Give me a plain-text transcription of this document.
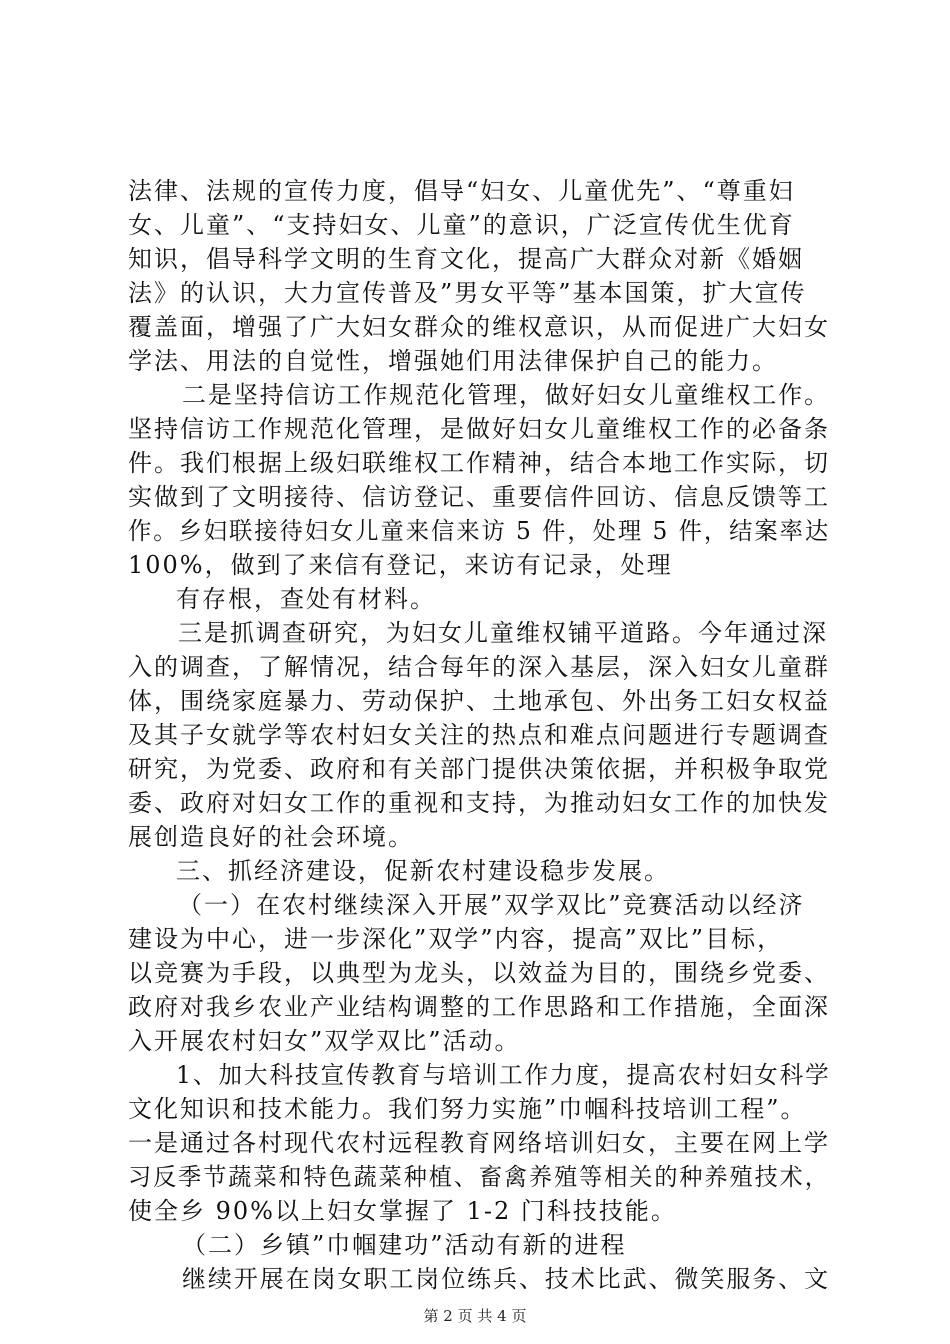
法律、法规的宣传力度，倡导“妇女、儿童优先”、“尊重妇
女、儿童”、“支持妇女、儿童”的意识，广泛宣传优生优育
知识，倡导科学文明的生育文化，提高广大群众对新《婚姻
法》的认识，大力宣传普及”男女平等”基本国策，扩大宣传
覆盖面，增强了广大妇女群众的维权意识，从而促进广大妇女
学法、用法的自觉性，增强她们用法律保护自己的能力。
二是坚持信访工作规范化管理，做好妇女儿童维权工作。
坚持信访工作规范化管理，是做好妇女儿童维权工作的必备条
件。我们根据上级妇联维权工作精神，结合本地工作实际，切
实做到了文明接待、信访登记、重要信件回访、信息反馈等工
作。乡妇联接待妇女儿童来信来访 5 件，处理 5 件，结案率达
100%，做到了来信有登记，来访有记录，处理
有存根，查处有材料。
三是抓调查研究，为妇女儿童维权铺平道路。今年通过深
入的调查，了解情况，结合每年的深入基层，深入妇女儿童群
体，围绕家庭暴力、劳动保护、土地承包、外出务工妇女权益
及其子女就学等农村妇女关注的热点和难点问题进行专题调查
研究，为党委、政府和有关部门提供决策依据，并积极争取党
委、政府对妇女工作的重视和支持，为推动妇女工作的加快发
展创造良好的社会环境。
三、抓经济建设，促新农村建设稳步发展。
（一）在农村继续深入开展”双学双比”竞赛活动以经济
建设为中心，进一步深化”双学”内容，提高”双比”目标，
以竞赛为手段，以典型为龙头，以效益为目的，围绕乡党委、
政府对我乡农业产业结构调整的工作思路和工作措施，全面深
入开展农村妇女”双学双比”活动。
1、加大科技宣传教育与培训工作力度，提高农村妇女科学
文化知识和技术能力。我们努力实施”巾帼科技培训工程”。
一是通过各村现代农村远程教育网络培训妇女，主要在网上学
习反季节蔬菜和特色蔬菜种植、畜禽养殖等相关的种养殖技术，
使全乡 90%以上妇女掌握了 1-2 门科技技能。
（二）乡镇”巾帼建功”活动有新的进程
继续开展在岗女职工岗位练兵、技术比武、微笑服务、文
第 2 页 共 4 页
